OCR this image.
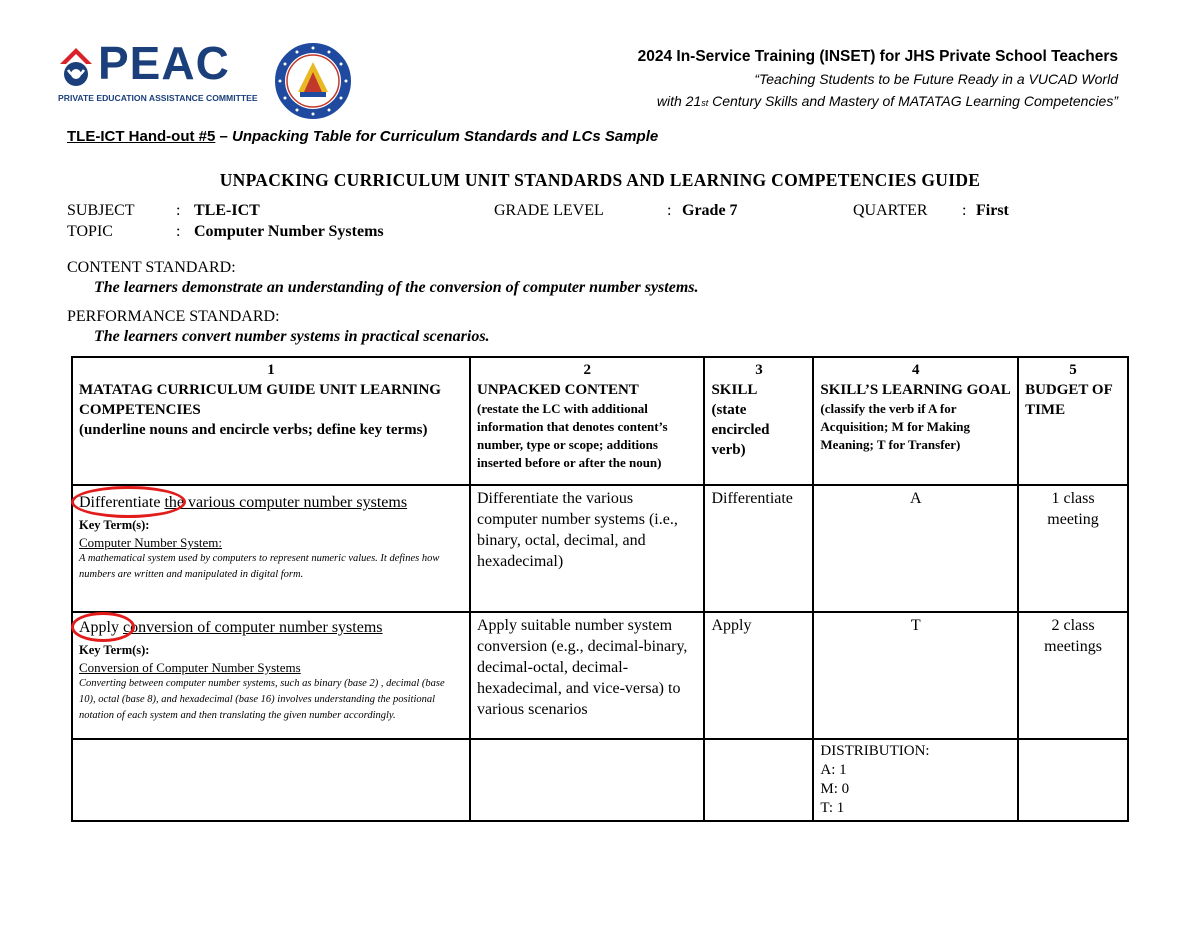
PEAC
PRIVATE EDUCATION ASSISTANCE COMMITTEE
2024 In-Service Training (INSET) for JHS Private School Teachers
“Teaching Students to be Future Ready in a VUCAD World
with 21st Century Skills and Mastery of MATATAG Learning Competencies”
TLE-ICT Hand-out #5 – Unpacking Table for Curriculum Standards and LCs Sample
UNPACKING CURRICULUM UNIT STANDARDS AND LEARNING COMPETENCIES GUIDE
SUBJECT	: TLE-ICT	GRADE LEVEL	: Grade 7	QUARTER : First
TOPIC	: Computer Number Systems
CONTENT STANDARD:
The learners demonstrate an understanding of the conversion of computer number systems.
PERFORMANCE STANDARD:
The learners convert number systems in practical scenarios.
1
MATATAG CURRICULUM GUIDE UNIT LEARNING COMPETENCIES
(underline nouns and encircle verbs; define key terms)	2
UNPACKED CONTENT
(restate the LC with additional information that denotes content’s number, type or scope; additions inserted before or after the noun)	3
SKILL
(state encircled verb)	4
SKILL’S LEARNING GOAL
(classify the verb if A for Acquisition; M for Making Meaning; T for Transfer)	5
BUDGET OF TIME

Differentiate the various computer number systems
Key Term(s):
Computer Number System:
A mathematical system used by computers to represent numeric values. It defines how numbers are written and manipulated in digital form.	Differentiate the various computer number systems (i.e., binary, octal, decimal, and hexadecimal)	Differentiate	A	1 class meeting

Apply conversion of computer number systems
Key Term(s):
Conversion of Computer Number Systems
Converting between computer number systems, such as binary (base 2) , decimal (base 10), octal (base 8), and hexadecimal (base 16) involves understanding the positional notation of each system and then translating the given number accordingly.	Apply suitable number system conversion (e.g., decimal-binary, decimal-octal, decimal-hexadecimal, and vice-versa) to various scenarios	Apply	T	2 class meetings

			DISTRIBUTION:
A: 1
M: 0
T: 1	
